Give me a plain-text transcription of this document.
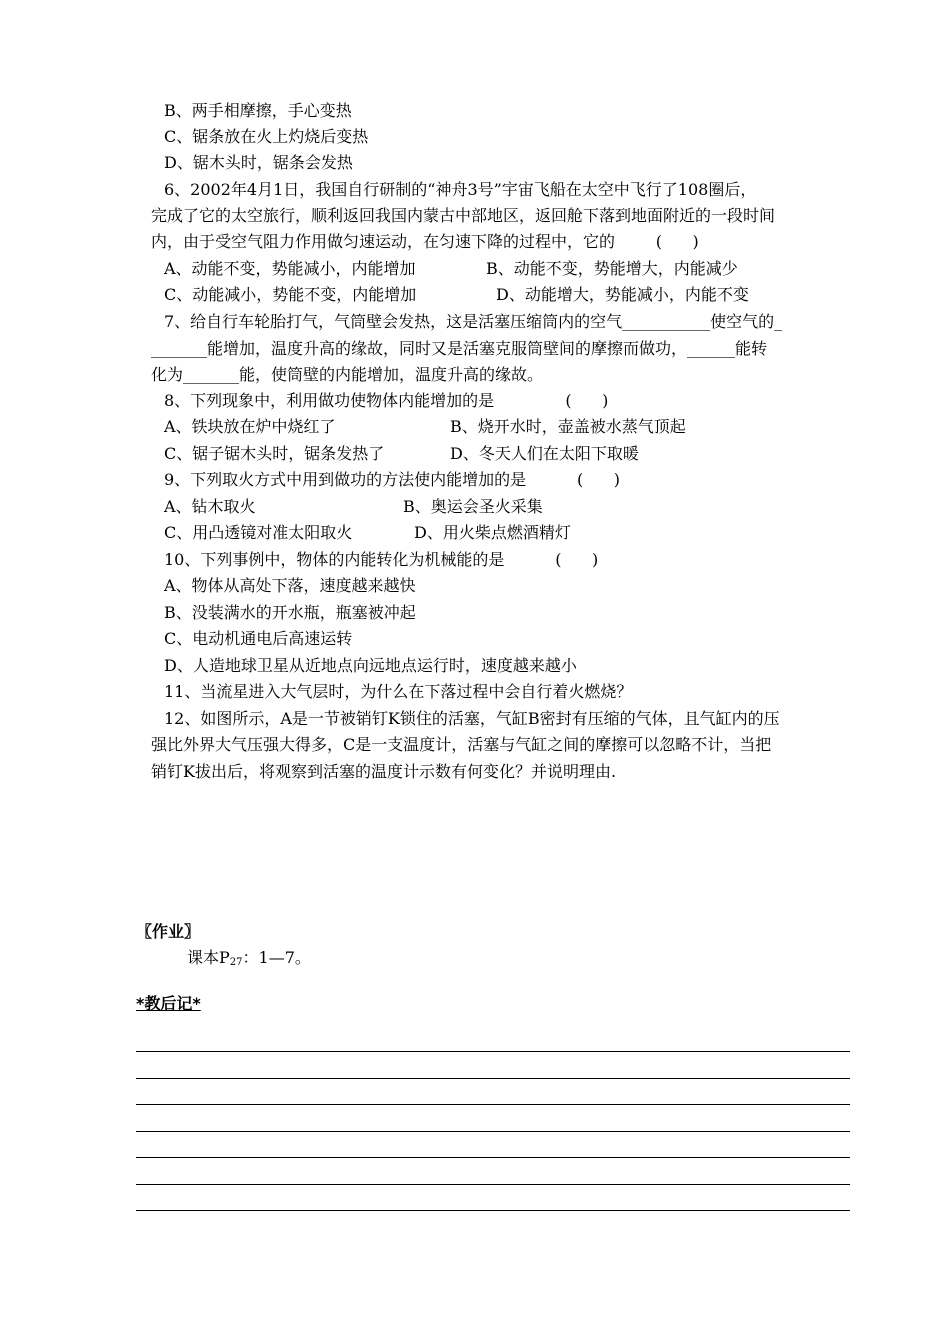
B、两手相摩擦，手心变热
C、锯条放在火上灼烧后变热
D、锯木头时，锯条会发热
6、2002年4月1日，我国自行研制的“神舟3号”宇宙飞船在太空中飞行了108圈后，
完成了它的太空旅行，顺利返回我国内蒙古中部地区，返回舱下落到地面附近的一段时间
内，由于受空气阻力作用做匀速运动，在匀速下降的过程中，它的        (      )
A、动能不变，势能减小，内能增加	B、动能不变，势能增大，内能减少
C、动能减小，势能不变，内能增加	D、动能增大，势能减小，内能不变
7、给自行车轮胎打气，气筒壁会发热，这是活塞压缩筒内的空气___________使空气的_
_______能增加，温度升高的缘故，同时又是活塞克服筒壁间的摩擦而做功，______能转
化为_______能，使筒壁的内能增加，温度升高的缘故。
8、下列现象中，利用做功使物体内能增加的是              (      )
A、铁块放在炉中烧红了	B、烧开水时，壶盖被水蒸气顶起
C、锯子锯木头时，锯条发热了	D、冬天人们在太阳下取暖
9、下列取火方式中用到做功的方法使内能增加的是          (      )
A、钻木取火	B、奥运会圣火采集
C、用凸透镜对准太阳取火	D、用火柴点燃酒精灯
10、下列事例中，物体的内能转化为机械能的是          (      )
A、物体从高处下落，速度越来越快
B、没装满水的开水瓶，瓶塞被冲起
C、电动机通电后高速运转
D、人造地球卫星从近地点向远地点运行时，速度越来越小
11、当流星进入大气层时，为什么在下落过程中会自行着火燃烧？
12、如图所示，A是一节被销钉K锁住的活塞，气缸B密封有压缩的气体，且气缸内的压
强比外界大气压强大得多，C是一支温度计，活塞与气缸之间的摩擦可以忽略不计，当把
销钉K拔出后，将观察到活塞的温度计示数有何变化？并说明理由.
〖作业〗
课本$P_{27}$：1—7。
*教后记*
